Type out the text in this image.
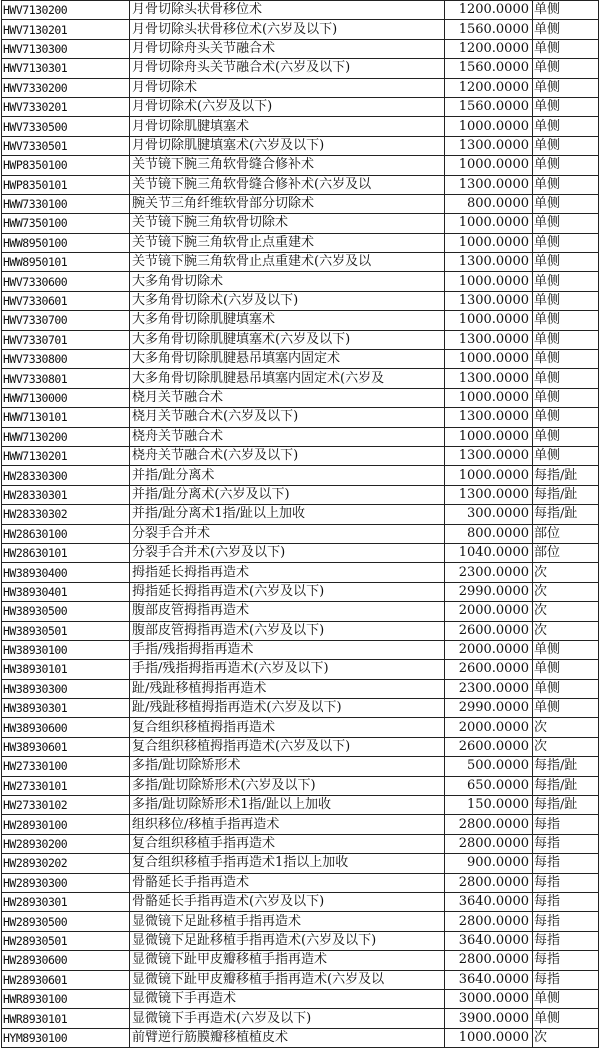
HWV7130200	月骨切除头状骨移位术	1200.0000	单侧
HWV7130201	月骨切除头状骨移位术(六岁及以下)	1560.0000	单侧
HWV7130300	月骨切除舟头关节融合术	1200.0000	单侧
HWV7130301	月骨切除舟头关节融合术(六岁及以下)	1560.0000	单侧
HWV7330200	月骨切除术	1200.0000	单侧
HWV7330201	月骨切除术(六岁及以下)	1560.0000	单侧
HWV7330500	月骨切除肌腱填塞术	1000.0000	单侧
HWV7330501	月骨切除肌腱填塞术(六岁及以下)	1300.0000	单侧
HWP8350100	关节镜下腕三角软骨缝合修补术	1000.0000	单侧
HWP8350101	关节镜下腕三角软骨缝合修补术(六岁及以	1300.0000	单侧
HWW7330100	腕关节三角纤维软骨部分切除术	800.0000	单侧
HWW7350100	关节镜下腕三角软骨切除术	1000.0000	单侧
HWW8950100	关节镜下腕三角软骨止点重建术	1000.0000	单侧
HWW8950101	关节镜下腕三角软骨止点重建术(六岁及以	1300.0000	单侧
HWV7330600	大多角骨切除术	1000.0000	单侧
HWV7330601	大多角骨切除术(六岁及以下)	1300.0000	单侧
HWV7330700	大多角骨切除肌腱填塞术	1000.0000	单侧
HWV7330701	大多角骨切除肌腱填塞术(六岁及以下)	1300.0000	单侧
HWV7330800	大多角骨切除肌腱悬吊填塞内固定术	1000.0000	单侧
HWV7330801	大多角骨切除肌腱悬吊填塞内固定术(六岁及	1300.0000	单侧
HWW7130000	桡月关节融合术	1000.0000	单侧
HWW7130101	桡月关节融合术(六岁及以下)	1300.0000	单侧
HWW7130200	桡舟关节融合术	1000.0000	单侧
HWW7130201	桡舟关节融合术(六岁及以下)	1300.0000	单侧
HW28330300	并指/趾分离术	1000.0000	每指/趾
HW28330301	并指/趾分离术(六岁及以下)	1300.0000	每指/趾
HW28330302	并指/趾分离术1指/趾以上加收	300.0000	每指/趾
HW28630100	分裂手合并术	800.0000	部位
HW28630101	分裂手合并术(六岁及以下)	1040.0000	部位
HW38930400	拇指延长拇指再造术	2300.0000	次
HW38930401	拇指延长拇指再造术(六岁及以下)	2990.0000	次
HW38930500	腹部皮管拇指再造术	2000.0000	次
HW38930501	腹部皮管拇指再造术(六岁及以下)	2600.0000	次
HW38930100	手指/残指拇指再造术	2000.0000	单侧
HW38930101	手指/残指拇指再造术(六岁及以下)	2600.0000	单侧
HW38930300	趾/残趾移植拇指再造术	2300.0000	单侧
HW38930301	趾/残趾移植拇指再造术(六岁及以下)	2990.0000	单侧
HW38930600	复合组织移植拇指再造术	2000.0000	次
HW38930601	复合组织移植拇指再造术(六岁及以下)	2600.0000	次
HW27330100	多指/趾切除矫形术	500.0000	每指/趾
HW27330101	多指/趾切除矫形术(六岁及以下)	650.0000	每指/趾
HW27330102	多指/趾切除矫形术1指/趾以上加收	150.0000	每指/趾
HW28930100	组织移位/移植手指再造术	2800.0000	每指
HW28930200	复合组织移植手指再造术	2800.0000	每指
HW28930202	复合组织移植手指再造术1指以上加收	900.0000	每指
HW28930300	骨骼延长手指再造术	2800.0000	每指
HW28930301	骨骼延长手指再造术(六岁及以下)	3640.0000	每指
HW28930500	显微镜下足趾移植手指再造术	2800.0000	每指
HW28930501	显微镜下足趾移植手指再造术(六岁及以下)	3640.0000	每指
HW28930600	显微镜下趾甲皮瓣移植手指再造术	2800.0000	每指
HW28930601	显微镜下趾甲皮瓣移植手指再造术(六岁及以	3640.0000	每指
HWR8930100	显微镜下手再造术	3000.0000	单侧
HWR8930101	显微镜下手再造术(六岁及以下)	3900.0000	单侧
HYM8930100	前臂逆行筋膜瓣移植植皮术	1000.0000	次
